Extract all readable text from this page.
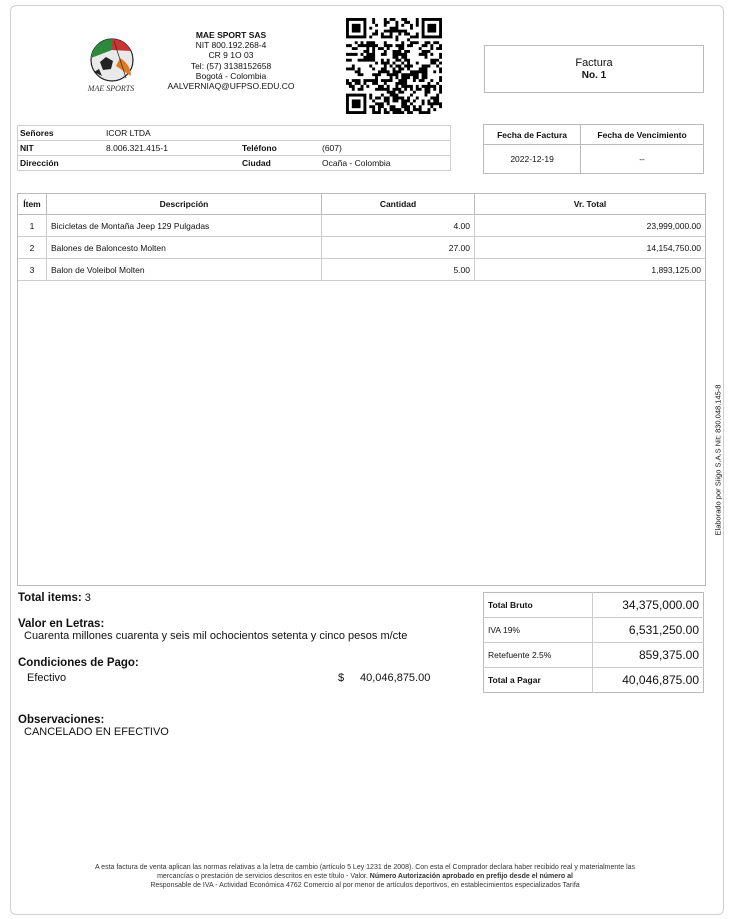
MAE SPORTS
MAE SPORT SAS
NIT 800.192.268-4
CR 9 1O 03
Tel: (57) 3138152658
Bogotá - Colombia
AALVERNIAQ@UFPSO.EDU.CO
Factura
No. 1
Señores	ICOR LTDA		
NIT	8.006.321.415-1	Teléfono	(607)
Dirección		Ciudad	Ocaña - Colombia
Fecha de Factura	Fecha de Vencimiento
2022-12-19	--
Ítem	Descripción	Cantidad	Vr. Total
1	Bicicletas de Montaña Jeep 129 Pulgadas	4.00	23,999,000.00
2	Balones de Baloncesto Molten	27.00	14,154,750.00
3	Balon de Voleibol Molten	5.00	1,893,125.00
Total items: 3
Valor en Letras:
Cuarenta millones cuarenta y seis mil ochocientos setenta y cinco pesos m/cte
Condiciones de Pago:
Efectivo	$ 40,046,875.00
Observaciones:
CANCELADO EN EFECTIVO
Total Bruto	34,375,000.00
IVA 19%	6,531,250.00
Retefuente 2.5%	859,375.00
Total a Pagar	40,046,875.00
Elaborado por Siigo S.A.S Nit: 830.048.145-8
A esta factura de venta aplican las normas relativas a la letra de cambio (artículo 5 Ley 1231 de 2008). Con esta el Comprador declara haber recibido real y materialmente las
mercancías o prestación de servicios descritos en este título - Valor. Número Autorización aprobado en prefijo desde el número al
Responsable de IVA - Actividad Económica 4762 Comercio al por menor de artículos deportivos, en establecimientos especializados Tarifa
